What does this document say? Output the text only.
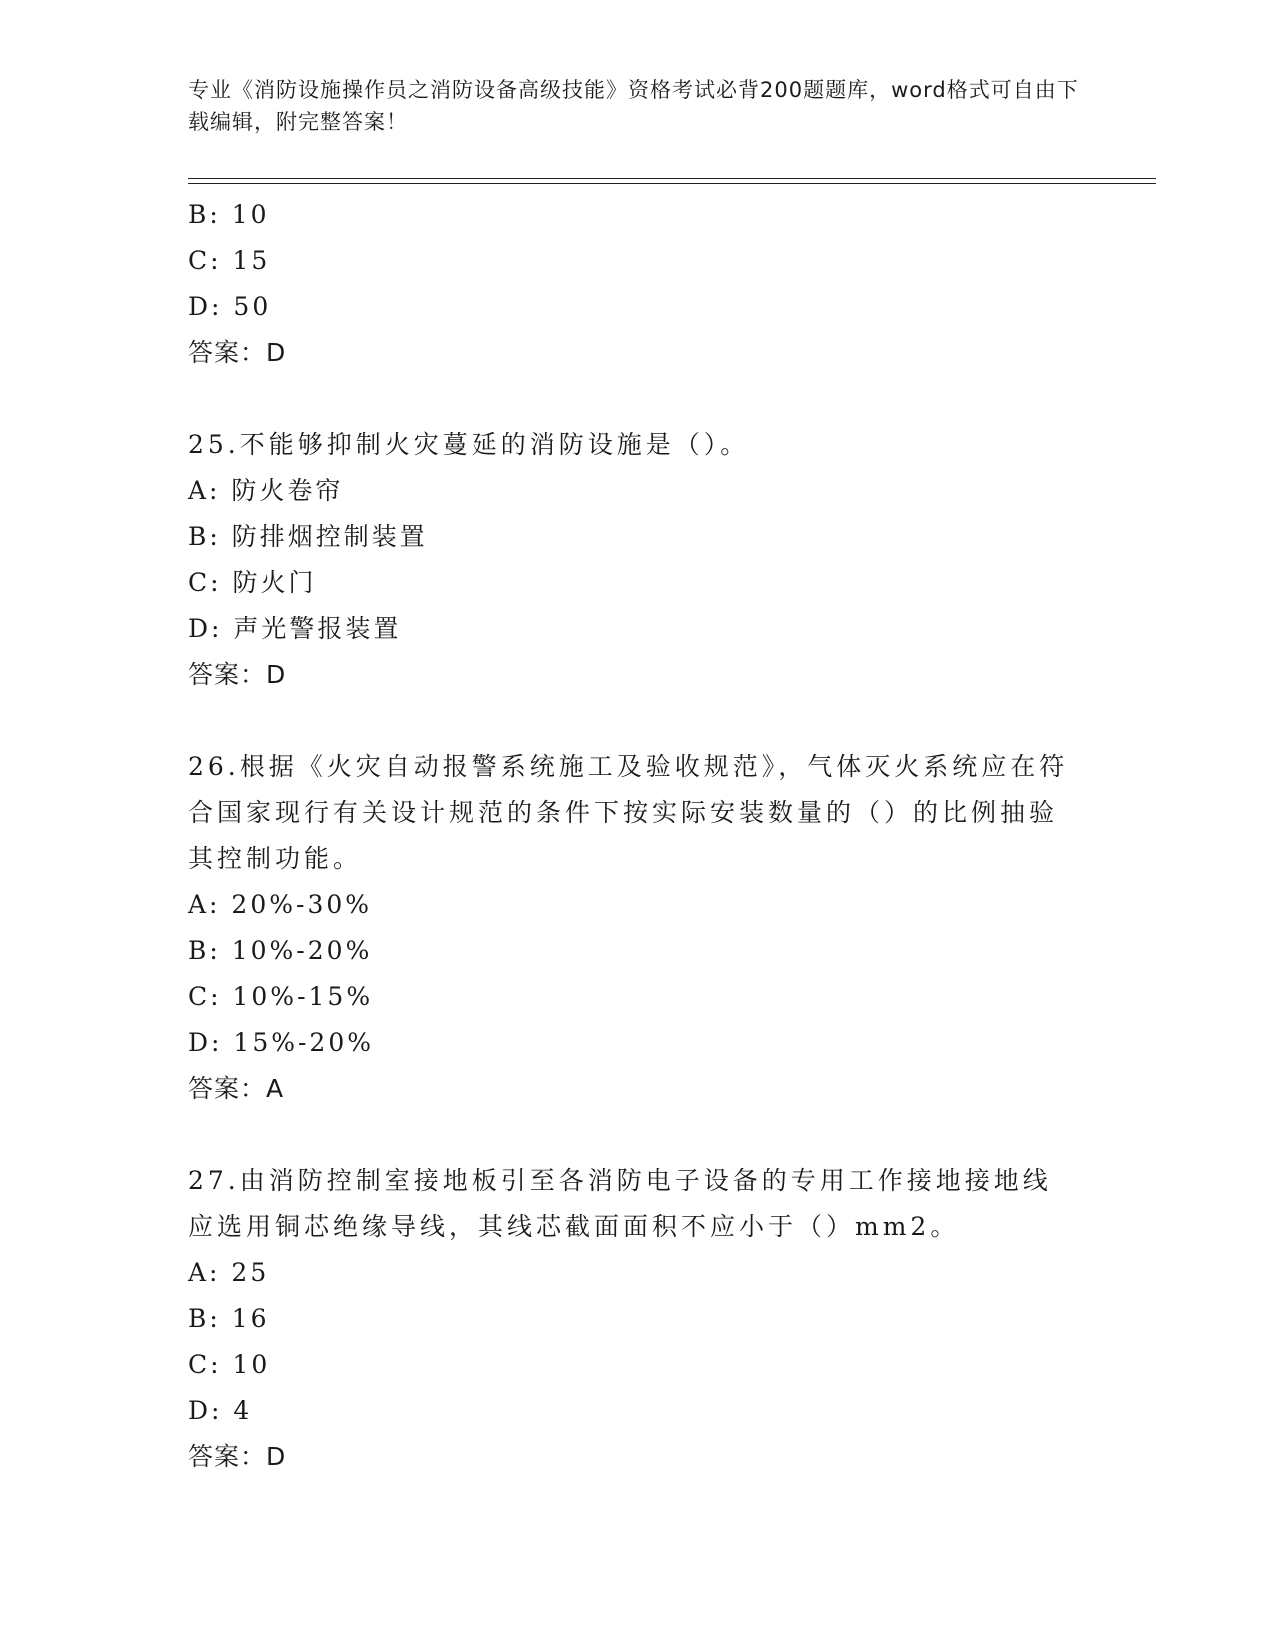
专业《消防设施操作员之消防设备高级技能》资格考试必背200题题库，word格式可自由下载编辑，附完整答案！
B: 10
C: 15
D: 50
答案：D
25.不能够抑制火灾蔓延的消防设施是（）。
A: 防火卷帘
B: 防排烟控制装置
C: 防火门
D: 声光警报装置
答案：D
26.根据《火灾自动报警系统施工及验收规范》，气体灭火系统应在符合国家现行有关设计规范的条件下按实际安装数量的（）的比例抽验其控制功能。
A: 20%-30%
B: 10%-20%
C: 10%-15%
D: 15%-20%
答案：A
27.由消防控制室接地板引至各消防电子设备的专用工作接地接地线应选用铜芯绝缘导线，其线芯截面面积不应小于（）mm2。
A: 25
B: 16
C: 10
D: 4
答案：D
